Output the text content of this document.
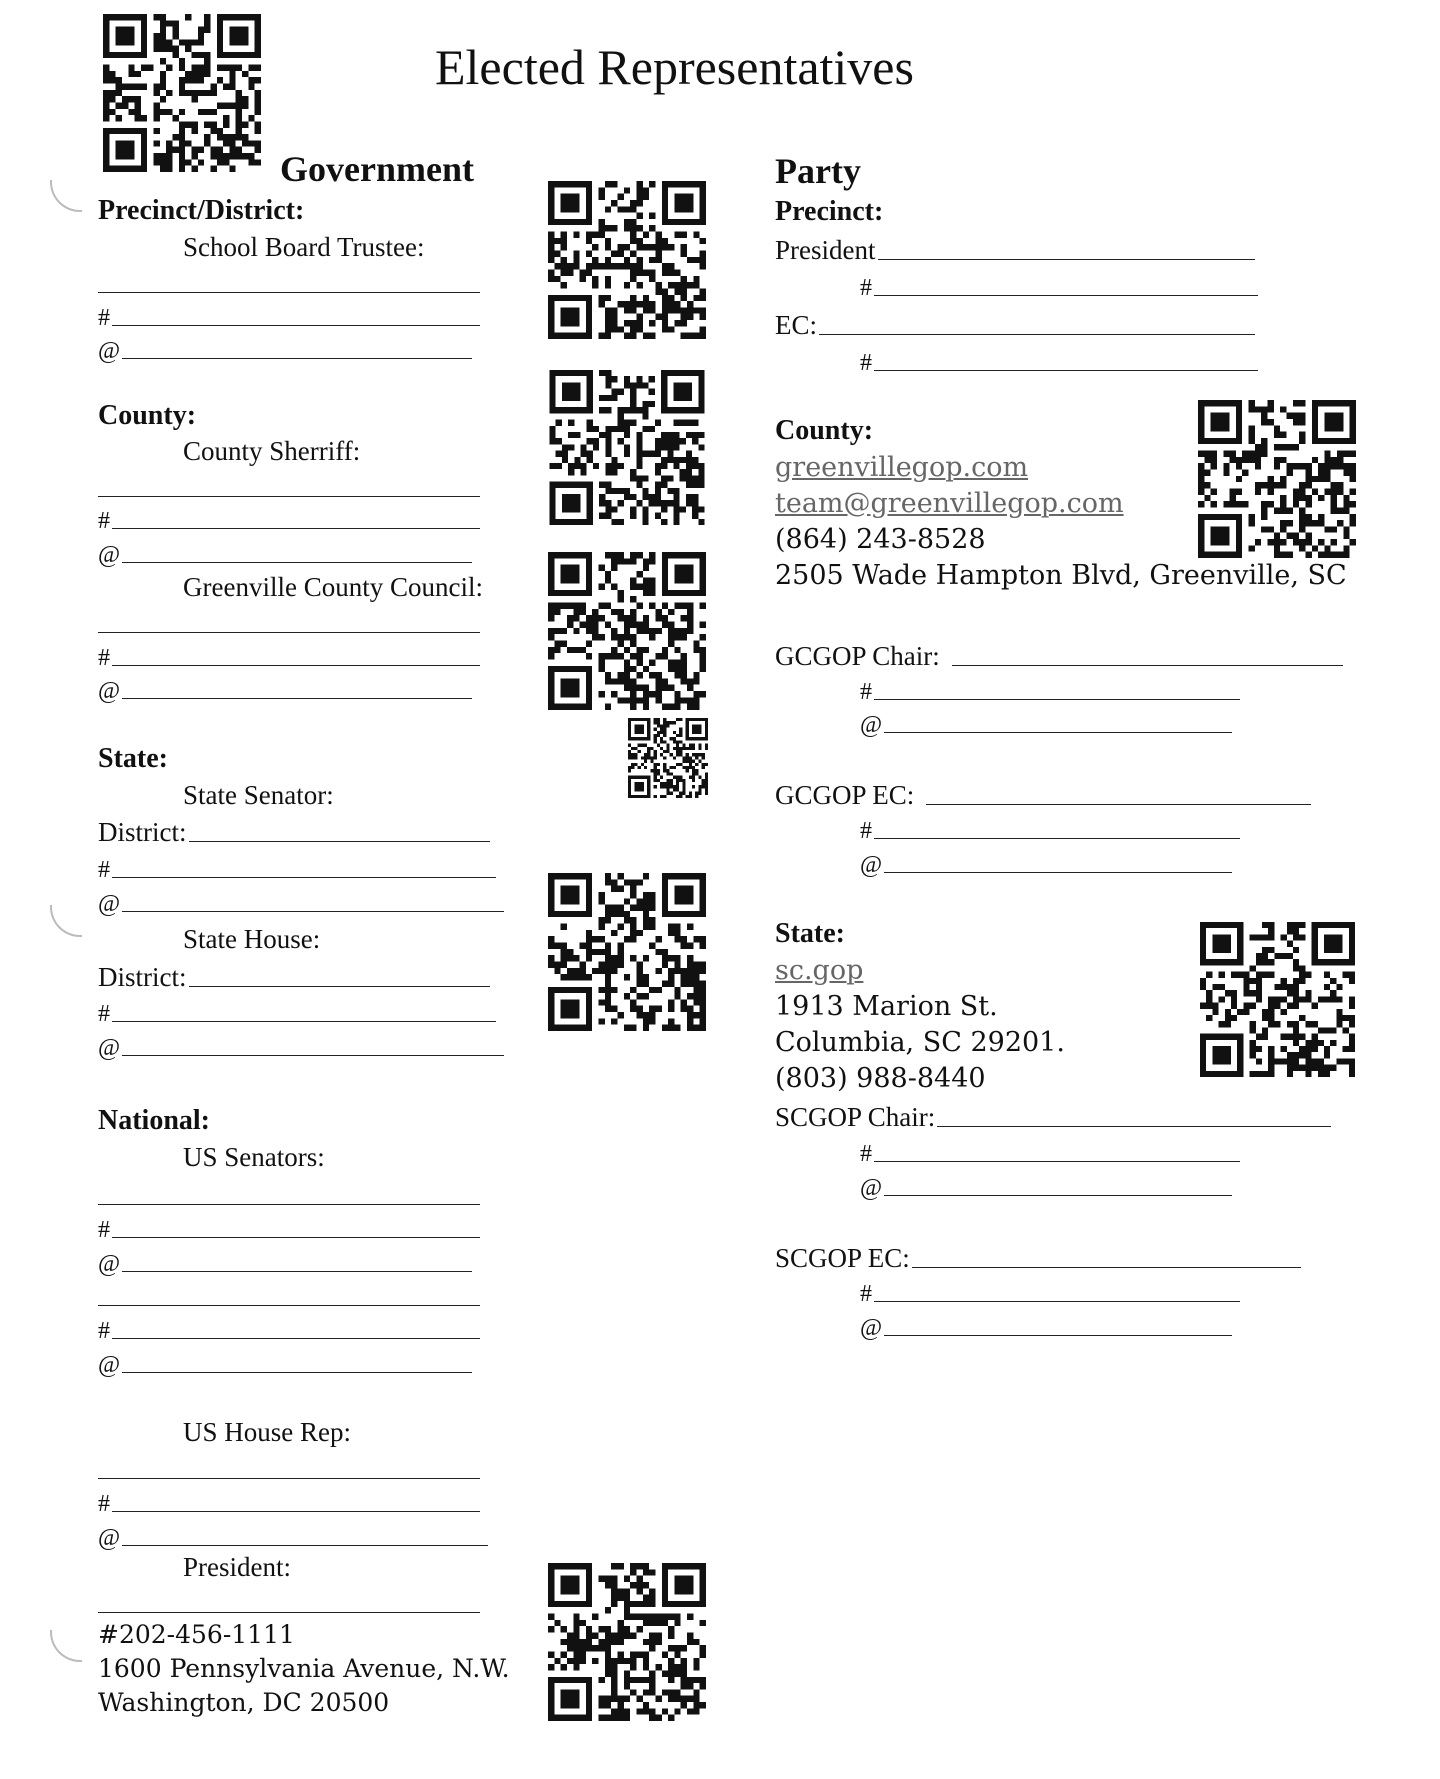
Elected Representatives
Government
Precinct/District:
School Board Trustee:
#
@
County:
County Sherriff:
#
@
Greenville County Council:
#
@
State:
State Senator:
District:
#
@
State House:
District:
#
@
National:
US Senators:
#
@
#
@
US House Rep:
#
@
President:
#202-456-1111
1600 Pennsylvania Avenue, N.W.
Washington, DC 20500
Party
Precinct:
President
#
EC:
#
County:
greenvillegop.com
team@greenvillegop.com
(864) 243-8528
2505 Wade Hampton Blvd, Greenville, SC
GCGOP Chair:
#
@
GCGOP EC:
#
@
State:
sc.gop
1913 Marion St.
Columbia, SC 29201.
(803) 988-8440
SCGOP Chair:
#
@
SCGOP EC:
#
@
